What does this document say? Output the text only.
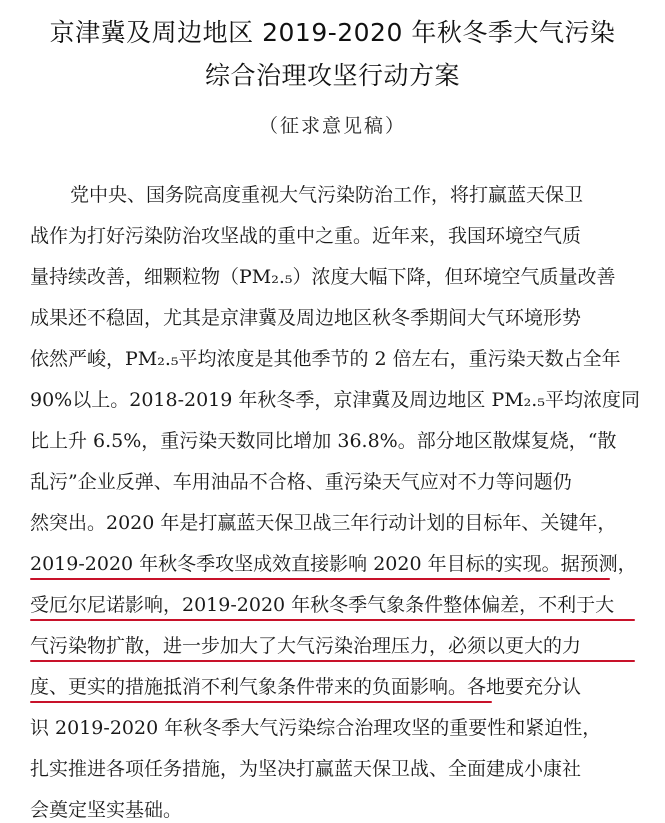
京津冀及周边地区 2019-2020 年秋冬季大气污染
综合治理攻坚行动方案
（征求意见稿）
党中央、国务院高度重视大气污染防治工作，将打赢蓝天保卫
战作为打好污染防治攻坚战的重中之重。近年来，我国环境空气质
量持续改善，细颗粒物（PM₂.₅）浓度大幅下降，但环境空气质量改善
成果还不稳固，尤其是京津冀及周边地区秋冬季期间大气环境形势
依然严峻，PM₂.₅平均浓度是其他季节的 2 倍左右，重污染天数占全年
90%以上。2018-2019 年秋冬季，京津冀及周边地区 PM₂.₅平均浓度同
比上升 6.5%，重污染天数同比增加 36.8%。部分地区散煤复烧，“散
乱污”企业反弹、车用油品不合格、重污染天气应对不力等问题仍
然突出。2020 年是打赢蓝天保卫战三年行动计划的目标年、关键年，
2019-2020 年秋冬季攻坚成效直接影响 2020 年目标的实现。据预测，
受厄尔尼诺影响，2019-2020 年秋冬季气象条件整体偏差，不利于大
气污染物扩散，进一步加大了大气污染治理压力，必须以更大的力
度、更实的措施抵消不利气象条件带来的负面影响。各地要充分认
识 2019-2020 年秋冬季大气污染综合治理攻坚的重要性和紧迫性，
扎实推进各项任务措施，为坚决打赢蓝天保卫战、全面建成小康社
会奠定坚实基础。
